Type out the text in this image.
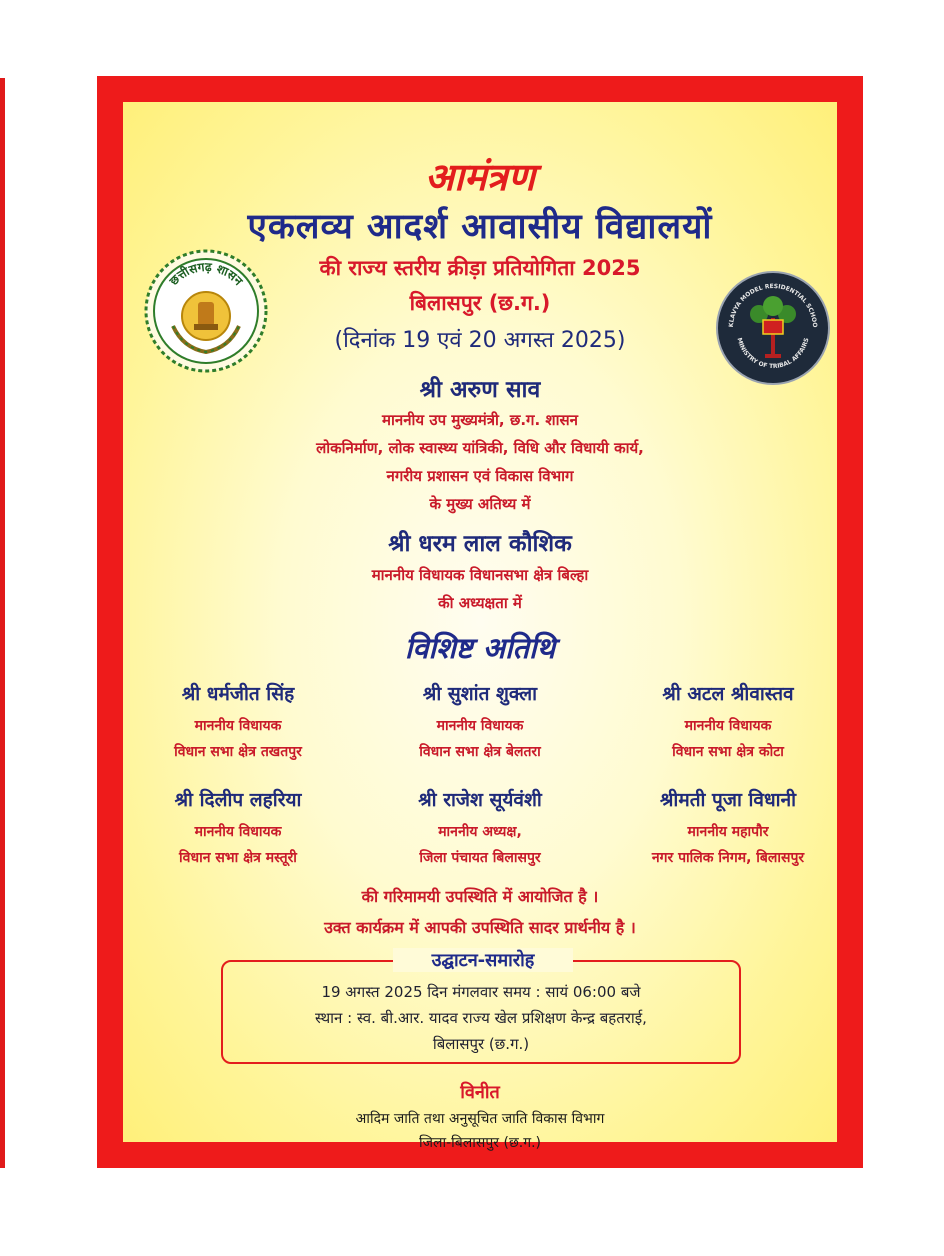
छत्तीसगढ़ शासन
KLAVYA MODEL RESIDENTIAL SCHOO
MINISTRY OF TRIBAL AFFAIRS
आमंत्रण
एकलव्य आदर्श आवासीय विद्यालयों
की राज्य स्तरीय क्रीड़ा प्रतियोगिता 2025
बिलासपुर (छ.ग.)
(दिनांक 19 एवं 20 अगस्त 2025)
श्री अरुण साव
माननीय उप मुख्यमंत्री, छ.ग. शासन
लोकनिर्माण, लोक स्वास्थ्य यांत्रिकी, विधि और विधायी कार्य,
नगरीय प्रशासन एवं विकास विभाग
के मुख्य अतिथ्य में
श्री धरम लाल कौशिक
माननीय विधायक विधानसभा क्षेत्र बिल्हा
की अध्यक्षता में
विशिष्ट अतिथि
श्री धर्मजीत सिंह
माननीय विधायक
विधान सभा क्षेत्र तखतपुर
श्री सुशांत शुक्ला
माननीय विधायक
विधान सभा क्षेत्र बेलतरा
श्री अटल श्रीवास्तव
माननीय विधायक
विधान सभा क्षेत्र कोटा
श्री दिलीप लहरिया
माननीय विधायक
विधान सभा क्षेत्र मस्तूरी
श्री राजेश सूर्यवंशी
माननीय अध्यक्ष,
जिला पंचायत बिलासपुर
श्रीमती पूजा विधानी
माननीय महापौर
नगर पालिक निगम, बिलासपुर
की गरिमामयी उपस्थिति में आयोजित है ।
उक्त कार्यक्रम में आपकी उपस्थिति सादर प्रार्थनीय है ।
उद्घाटन-समारोह
19 अगस्त 2025 दिन मंगलवार समय : सायं 06:00 बजे
स्थान : स्व. बी.आर. यादव राज्य खेल प्रशिक्षण केन्द्र बहतराई,
बिलासपुर (छ.ग.)
विनीत
आदिम जाति तथा अनुसूचित जाति विकास विभाग
जिला-बिलासपुर (छ.ग.)
